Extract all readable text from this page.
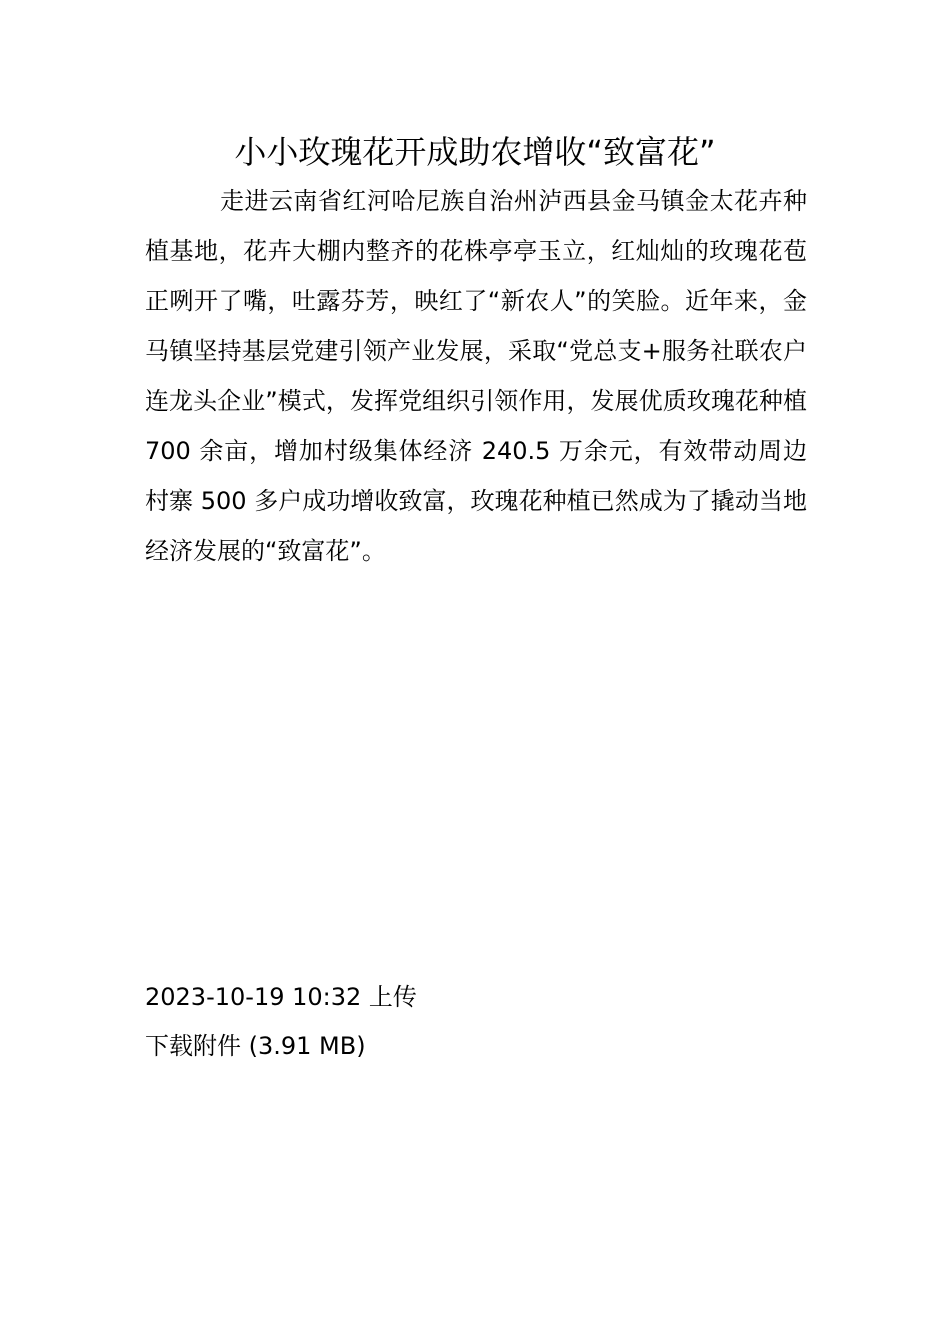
小小玫瑰花开成助农增收“致富花”

走进云南省红河哈尼族自治州泸西县金马镇金太花卉种植基地，花卉大棚内整齐的花株亭亭玉立，红灿灿的玫瑰花苞正咧开了嘴，吐露芬芳，映红了“新农人”的笑脸。近年来，金马镇坚持基层党建引领产业发展，采取“党总支+服务社联农户连龙头企业”模式，发挥党组织引领作用，发展优质玫瑰花种植 700 余亩，增加村级集体经济 240.5 万余元，有效带动周边村寨 500 多户成功增收致富，玫瑰花种植已然成为了撬动当地经济发展的“致富花”。

2023-10-19 10:32 上传
下载附件 (3.91 MB)
